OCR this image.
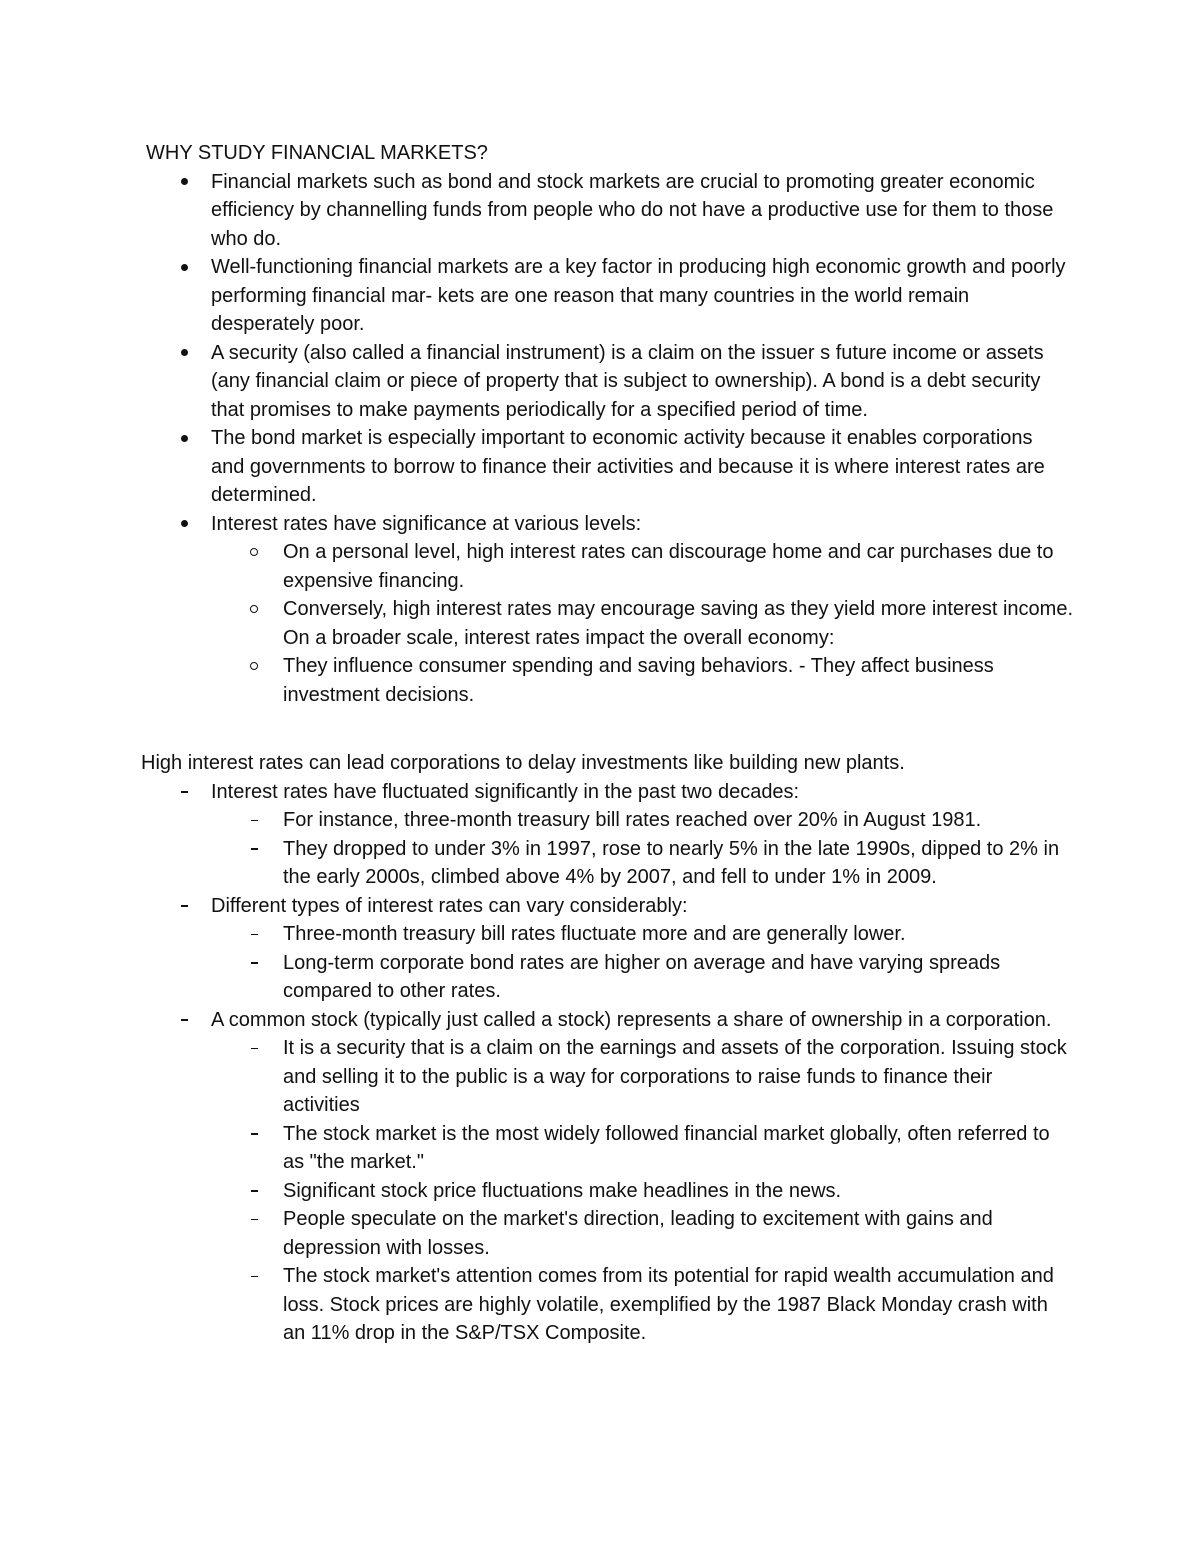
WHY STUDY FINANCIAL MARKETS?
Financial markets such as bond and stock markets are crucial to promoting greater economic efficiency by channelling funds from people who do not have a productive use for them to those who do.
Well-functioning financial markets are a key factor in producing high economic growth and poorly performing financial mar- kets are one reason that many countries in the world remain desperately poor.
A security (also called a financial instrument) is a claim on the issuer s future income or assets (any financial claim or piece of property that is subject to ownership). A bond is a debt security that promises to make payments periodically for a specified period of time.
The bond market is especially important to economic activity because it enables corporations and governments to borrow to finance their activities and because it is where interest rates are determined.
Interest rates have significance at various levels:
On a personal level, high interest rates can discourage home and car purchases due to expensive financing.
Conversely, high interest rates may encourage saving as they yield more interest income. On a broader scale, interest rates impact the overall economy:
They influence consumer spending and saving behaviors. - They affect business investment decisions.

High interest rates can lead corporations to delay investments like building new plants.

Interest rates have fluctuated significantly in the past two decades:
For instance, three-month treasury bill rates reached over 20% in August 1981.
They dropped to under 3% in 1997, rose to nearly 5% in the late 1990s, dipped to 2% in the early 2000s, climbed above 4% by 2007, and fell to under 1% in 2009.
Different types of interest rates can vary considerably:
Three-month treasury bill rates fluctuate more and are generally lower.
Long-term corporate bond rates are higher on average and have varying spreads compared to other rates.
A common stock (typically just called a stock) represents a share of ownership in a corporation.
It is a security that is a claim on the earnings and assets of the corporation. Issuing stock and selling it to the public is a way for corporations to raise funds to finance their activities
The stock market is the most widely followed financial market globally, often referred to as "the market."
Significant stock price fluctuations make headlines in the news.
People speculate on the market's direction, leading to excitement with gains and depression with losses.
The stock market's attention comes from its potential for rapid wealth accumulation and loss. Stock prices are highly volatile, exemplified by the 1987 Black Monday crash with an 11% drop in the S&P/TSX Composite.
